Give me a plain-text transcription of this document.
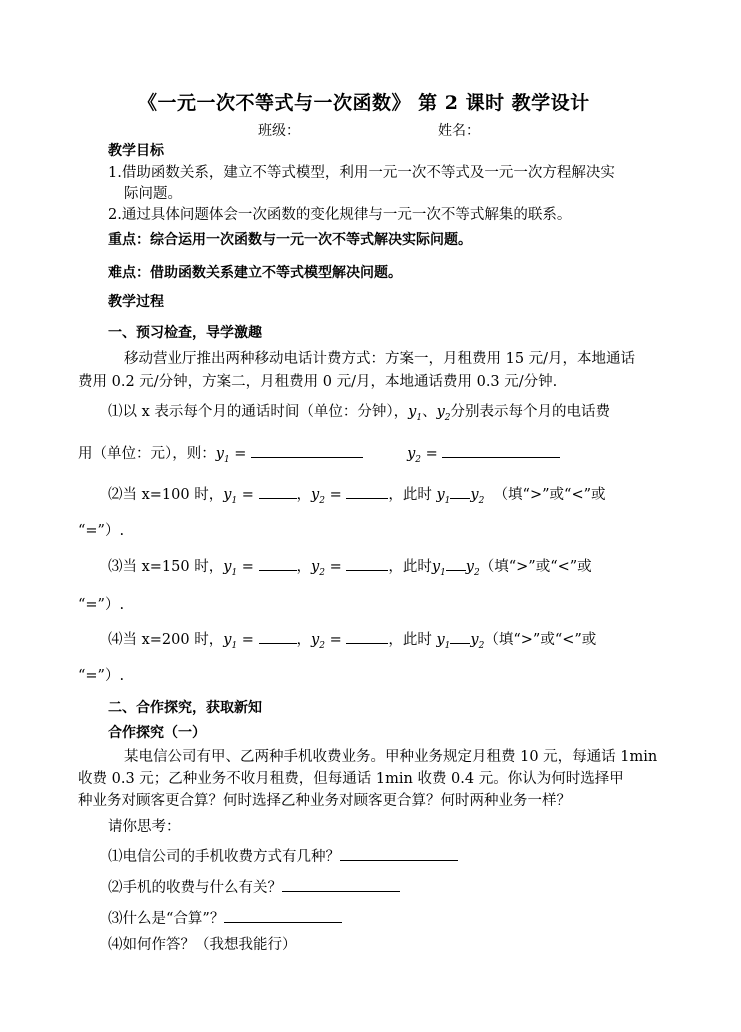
《一元一次不等式与一次函数》 第 2 课时 教学设计
班级：	姓名：
教学目标
1.借助函数关系，建立不等式模型，利用一元一次不等式及一元一次方程解决实
际问题。
2.通过具体问题体会一次函数的变化规律与一元一次不等式解集的联系。
重点：综合运用一次函数与一元一次不等式解决实际问题。
难点：借助函数关系建立不等式模型解决问题。
教学过程
一、预习检查，导学激趣
移动营业厅推出两种移动电话计费方式：方案一，月租费用 15 元/月，本地通话
费用 0.2 元/分钟，方案二，月租费用 0 元/月，本地通话费用 0.3 元/分钟.
⑴以 x 表示每个月的通话时间（单位：分钟），$y_1$、$y_2$分别表示每个月的电话费
用（单位：元），则：$y_1$ =	$y_2$ =
⑵当 x=100 时，$y_1$ =	，$y_2$ =	，此时 $y_1$ $y_2$ （填“>”或“<”或
“=”）.
⑶当 x=150 时，$y_1$ =	，$y_2$ =	，此时$y_1$ $y_2$（填“>”或“<”或
“=”）.
⑷当 x=200 时，$y_1$ =	，$y_2$ =	，此时 $y_1$ $y_2$（填“>”或“<”或
“=”）.
二、合作探究，获取新知
合作探究（一）
某电信公司有甲、乙两种手机收费业务。甲种业务规定月租费 10 元，每通话 1min
收费 0.3 元；乙种业务不收月租费，但每通话 1min 收费 0.4 元。你认为何时选择甲
种业务对顾客更合算？何时选择乙种业务对顾客更合算？何时两种业务一样？
请你思考：
⑴电信公司的手机收费方式有几种？
⑵手机的收费与什么有关？
⑶什么是“合算”？
⑷如何作答？（我想我能行）
